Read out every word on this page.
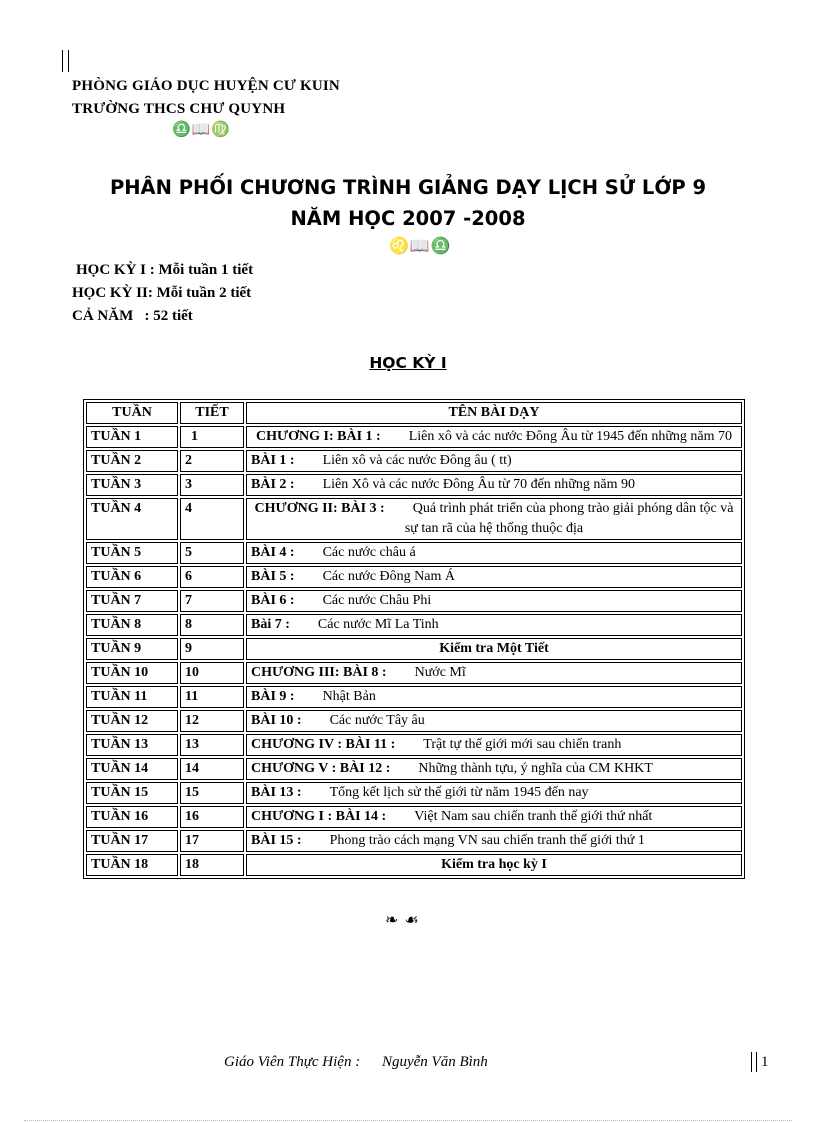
PHÒNG GIÁO DỤC HUYỆN CƯ KUIN
TRƯỜNG THCS CHƯ QUYNH
♎📖♍
PHÂN PHỐI CHƯƠNG TRÌNH GIẢNG DẠY LỊCH SỬ LỚP 9
NĂM HỌC 2007 -2008
♌📖♎
HỌC KỲ I : Mỗi tuần 1 tiết
HỌC KỲ II: Mỗi tuần 2 tiết
CẢ NĂM   : 52 tiết
HỌC KỲ I
TUẦN	TIẾT	TÊN BÀI DẠY
TUẦN 1	1	CHƯƠNG I: BÀI 1 : Liên xô và các nước Đông Âu từ 1945 đến những năm 70
TUẦN 2	2	BÀI 1 : Liên xô và các nước Đông âu ( tt)
TUẦN 3	3	BÀI 2 : Liên Xô và các nước Đông Âu từ 70 đến những năm 90
TUẦN 4	4	CHƯƠNG II: BÀI 3 : Quá trình phát triển của phong trào giải phóng dân tộc và sự tan rã của hệ thống thuộc địa
TUẦN 5	5	BÀI 4 : Các nước châu á
TUẦN 6	6	BÀI 5 : Các nước Đông Nam Á
TUẦN 7	7	BÀI 6 : Các nước Châu Phi
TUẦN 8	8	Bài 7 : Các nước Mĩ La Tinh
TUẦN 9	9	Kiểm tra Một Tiết
TUẦN 10	10	CHƯƠNG III: BÀI 8 : Nước Mĩ
TUẦN 11	11	BÀI 9 : Nhật Bản
TUẦN 12	12	BÀI 10 : Các nước Tây âu
TUẦN 13	13	CHƯƠNG IV : BÀI 11 : Trật tự thế giới mới sau chiến tranh
TUẦN 14	14	CHƯƠNG V : BÀI 12 : Những thành tựu, ý nghĩa của CM KHKT
TUẦN 15	15	BÀI 13 : Tổng kết lịch sử thế giới từ năm 1945 đến nay
TUẦN 16	16	CHƯƠNG I : BÀI 14 : Việt Nam sau chiến tranh thế giới thứ nhất
TUẦN 17	17	BÀI 15 : Phong trào cách mạng VN sau chiến tranh thế giới thứ 1
TUẦN 18	18	Kiểm tra học kỳ I
❧ ☙
Giáo Viên Thực Hiện : Nguyễn Văn Bình	1
